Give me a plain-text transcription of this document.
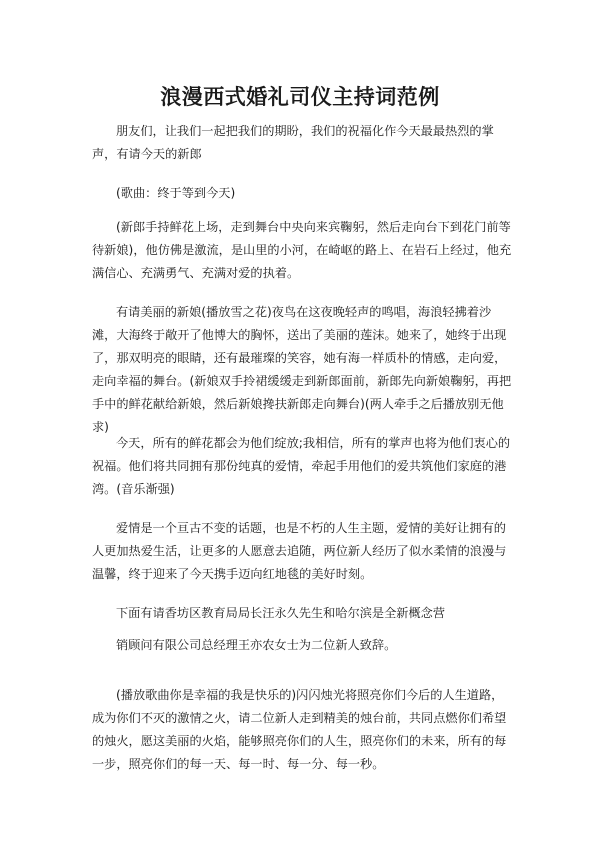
浪漫西式婚礼司仪主持词范例

朋友们，让我们一起把我们的期盼，我们的祝福化作今天最最热烈的掌声，有请今天的新郎

(歌曲：终于等到今天)

(新郎手持鲜花上场，走到舞台中央向来宾鞠躬，然后走向台下到花门前等待新娘)，他仿佛是激流，是山里的小河，在崎岖的路上、在岩石上经过，他充满信心、充满勇气、充满对爱的执着。

有请美丽的新娘(播放雪之花)夜鸟在这夜晚轻声的鸣唱，海浪轻拂着沙滩，大海终于敞开了他博大的胸怀，送出了美丽的莲沫。她来了，她终于出现了，那双明亮的眼睛，还有最璀璨的笑容，她有海一样质朴的情感，走向爱，走向幸福的舞台。(新娘双手拎裙缓缓走到新郎面前，新郎先向新娘鞠躬，再把手中的鲜花献给新娘，然后新娘搀扶新郎走向舞台)(两人牵手之后播放别无他求)

今天，所有的鲜花都会为他们绽放;我相信，所有的掌声也将为他们衷心的祝福。他们将共同拥有那份纯真的爱情，牵起手用他们的爱共筑他们家庭的港湾。(音乐渐强)

爱情是一个亘古不变的话题，也是不朽的人生主题，爱情的美好让拥有的人更加热爱生活，让更多的人愿意去追随，两位新人经历了似水柔情的浪漫与温馨，终于迎来了今天携手迈向红地毯的美好时刻。

下面有请香坊区教育局局长汪永久先生和哈尔滨是全新概念营

销顾问有限公司总经理王亦农女士为二位新人致辞。

(播放歌曲你是幸福的我是快乐的)闪闪烛光将照亮你们今后的人生道路，成为你们不灭的激情之火，请二位新人走到精美的烛台前，共同点燃你们希望的烛火，愿这美丽的火焰，能够照亮你们的人生，照亮你们的未来，所有的每一步，照亮你们的每一天、每一时、每一分、每一秒。
